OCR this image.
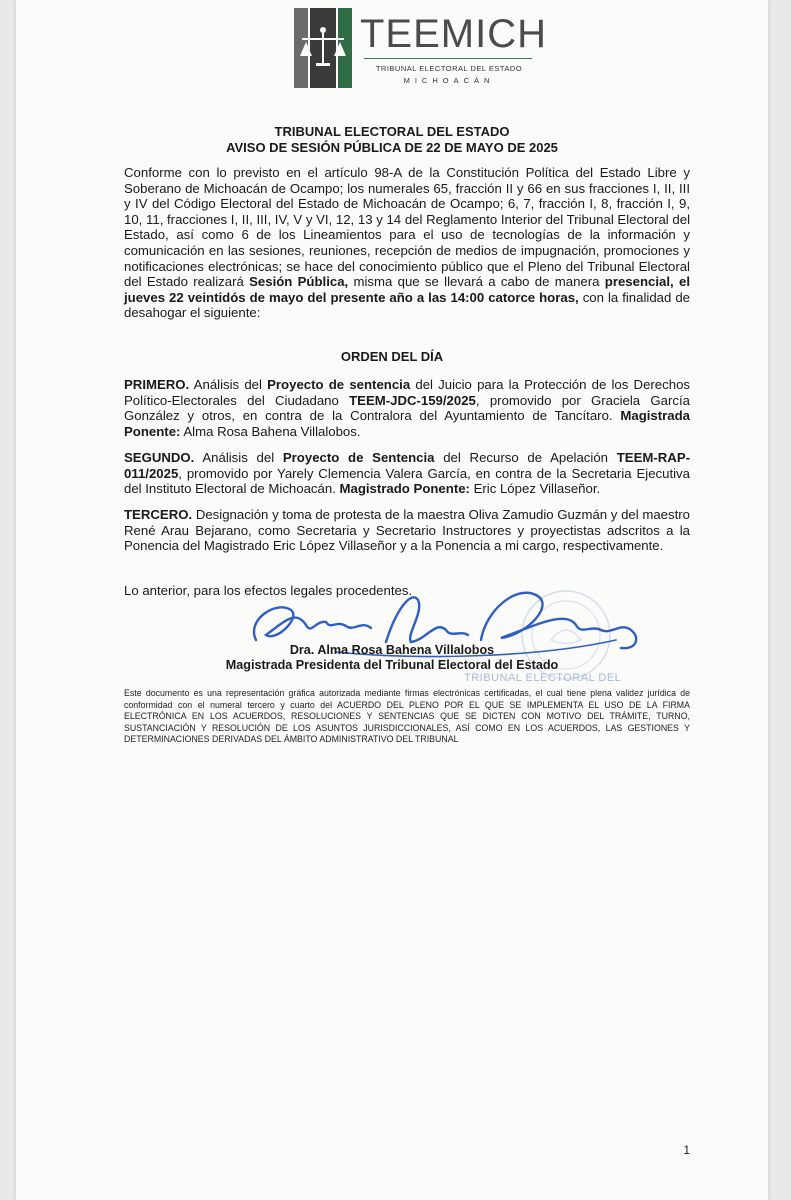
TEEMICH
TRIBUNAL ELECTORAL DEL ESTADO
MICHOACÁN
TRIBUNAL ELECTORAL DEL ESTADO
AVISO DE SESIÓN PÚBLICA DE 22 DE MAYO DE 2025
Conforme con lo previsto en el artículo 98-A de la Constitución Política del Estado Libre y Soberano de Michoacán de Ocampo; los numerales 65, fracción II y 66 en sus fracciones I, II, III y IV del Código Electoral del Estado de Michoacán de Ocampo; 6, 7, fracción I, 8, fracción I, 9, 10, 11, fracciones I, II, III, IV, V y VI, 12, 13 y 14 del Reglamento Interior del Tribunal Electoral del Estado, así como 6 de los Lineamientos para el uso de tecnologías de la información y comunicación en las sesiones, reuniones, recepción de medios de impugnación, promociones y notificaciones electrónicas; se hace del conocimiento público que el Pleno del Tribunal Electoral del Estado realizará Sesión Pública, misma que se llevará a cabo de manera presencial, el jueves 22 veintidós de mayo del presente año a las 14:00 catorce horas, con la finalidad de desahogar el siguiente:
ORDEN DEL DÍA
PRIMERO. Análisis del Proyecto de sentencia del Juicio para la Protección de los Derechos Político-Electorales del Ciudadano TEEM-JDC-159/2025, promovido por Graciela García González y otros, en contra de la Contralora del Ayuntamiento de Tancítaro. Magistrada Ponente: Alma Rosa Bahena Villalobos.
SEGUNDO. Análisis del Proyecto de Sentencia del Recurso de Apelación TEEM-RAP-011/2025, promovido por Yarely Clemencia Valera García, en contra de la Secretaria Ejecutiva del Instituto Electoral de Michoacán. Magistrado Ponente: Eric López Villaseñor.
TERCERO. Designación y toma de protesta de la maestra Oliva Zamudio Guzmán y del maestro René Arau Bejarano, como Secretaria y Secretario Instructores y proyectistas adscritos a la Ponencia del Magistrado Eric López Villaseñor y a la Ponencia a mi cargo, respectivamente.
Lo anterior, para los efectos legales procedentes.
Dra. Alma Rosa Bahena Villalobos
Magistrada Presidenta del Tribunal Electoral del Estado
TRIBUNAL ELECTORAL DEL
Este documento es una representación gráfica autorizada mediante firmas electrónicas certificadas, el cual tiene plena validez jurídica de conformidad con el numeral tercero y cuarto del ACUERDO DEL PLENO POR EL QUE SE IMPLEMENTA EL USO DE LA FIRMA ELECTRÓNICA EN LOS ACUERDOS, RESOLUCIONES Y SENTENCIAS QUE SE DICTEN CON MOTIVO DEL TRÁMITE, TURNO, SUSTANCIACIÓN Y RESOLUCIÓN DE LOS ASUNTOS JURISDICCIONALES, ASÍ COMO EN LOS ACUERDOS, LAS GESTIONES Y DETERMINACIONES DERIVADAS DEL ÁMBITO ADMINISTRATIVO DEL TRIBUNAL
1
